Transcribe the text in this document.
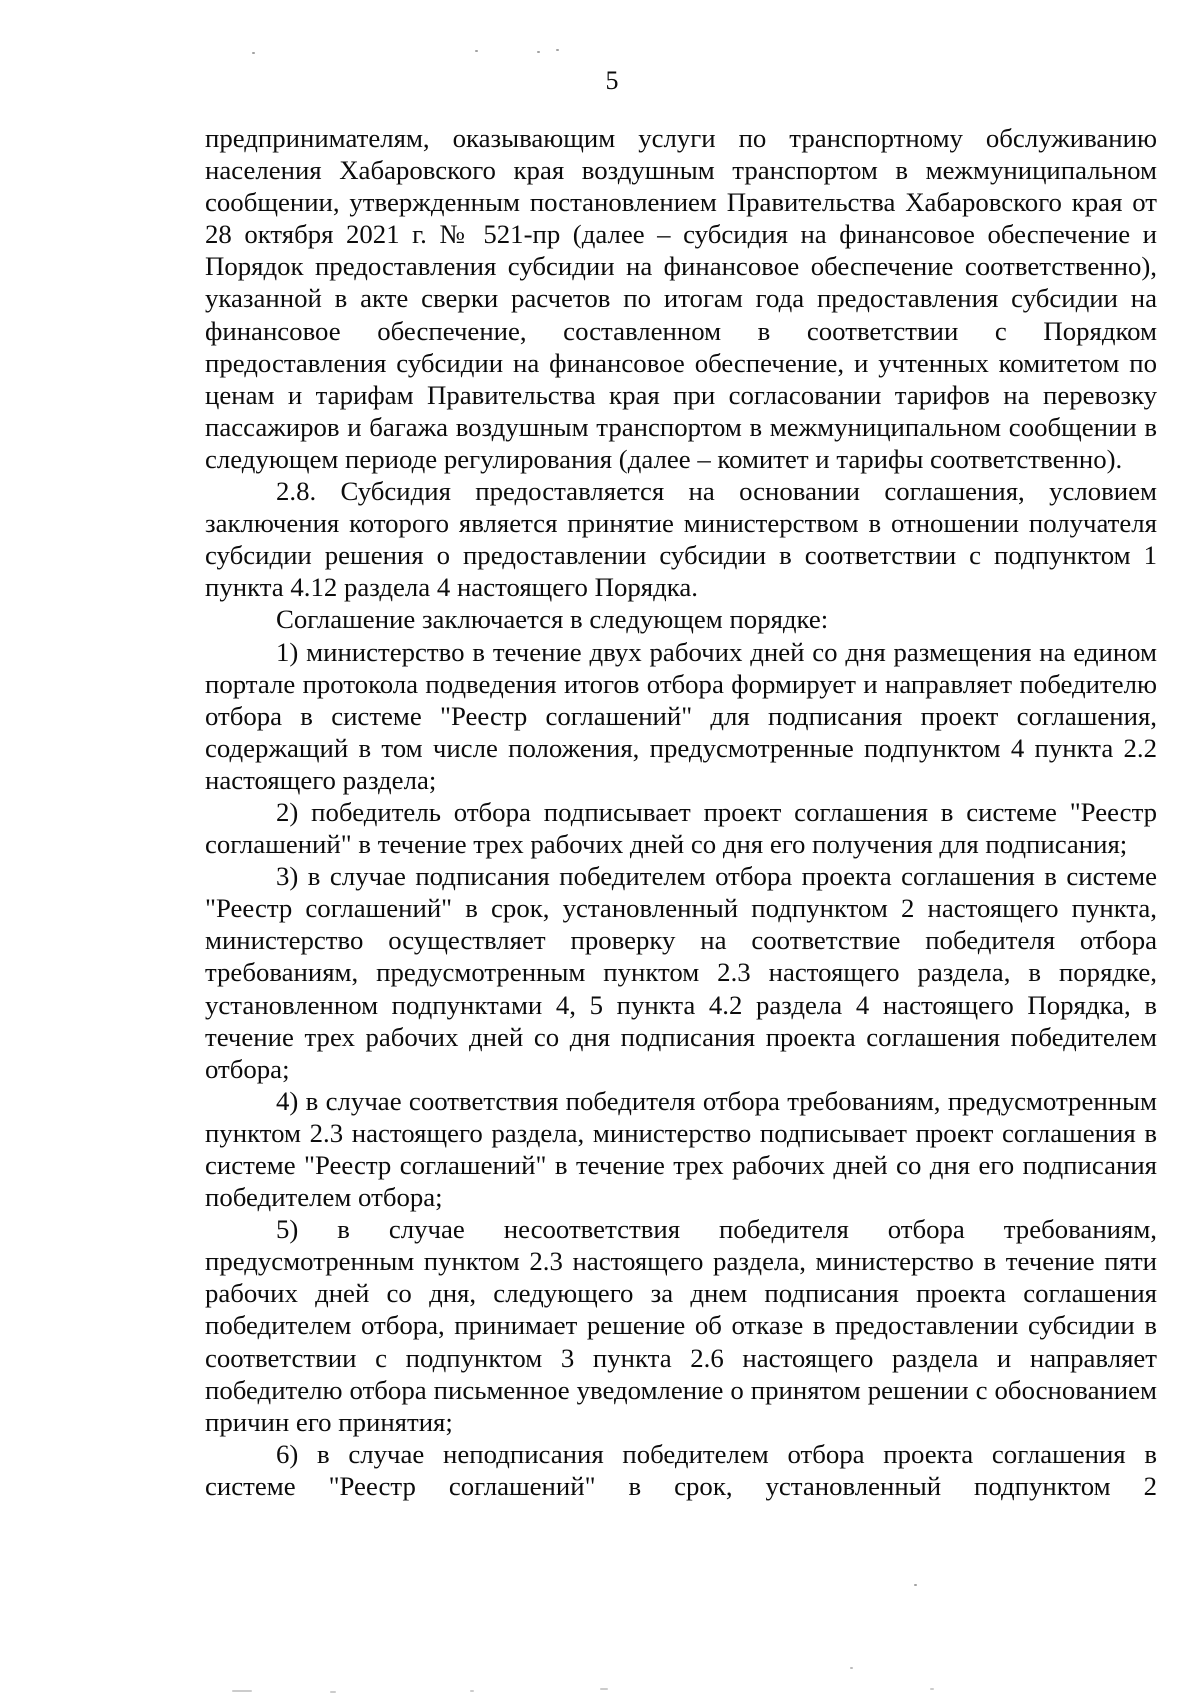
5

предпринимателям, оказывающим услуги по транспортному обслуживанию населения Хабаровского края воздушным транспортом в межмуниципальном сообщении, утвержденным постановлением Правительства Хабаровского края от 28 октября 2021 г. № 521-пр (далее – субсидия на финансовое обеспечение и Порядок предоставления субсидии на финансовое обеспечение соответственно), указанной в акте сверки расчетов по итогам года предоставления субсидии на финансовое обеспечение, составленном в соответствии с Порядком предоставления субсидии на финансовое обеспечение, и учтенных комитетом по ценам и тарифам Правительства края при согласовании тарифов на перевозку пассажиров и багажа воздушным транспортом в межмуниципальном сообщении в следующем периоде регулирования (далее – комитет и тарифы соответственно).

2.8. Субсидия предоставляется на основании соглашения, условием заключения которого является принятие министерством в отношении получателя субсидии решения о предоставлении субсидии в соответствии с подпунктом 1 пункта 4.12 раздела 4 настоящего Порядка.

Соглашение заключается в следующем порядке:

1) министерство в течение двух рабочих дней со дня размещения на едином портале протокола подведения итогов отбора формирует и направляет победителю отбора в системе "Реестр соглашений" для подписания проект соглашения, содержащий в том числе положения, предусмотренные подпунктом 4 пункта 2.2 настоящего раздела;

2) победитель отбора подписывает проект соглашения в системе "Реестр соглашений" в течение трех рабочих дней со дня его получения для подписания;

3) в случае подписания победителем отбора проекта соглашения в системе "Реестр соглашений" в срок, установленный подпунктом 2 настоящего пункта, министерство осуществляет проверку на соответствие победителя отбора требованиям, предусмотренным пунктом 2.3 настоящего раздела, в порядке, установленном подпунктами 4, 5 пункта 4.2 раздела 4 настоящего Порядка, в течение трех рабочих дней со дня подписания проекта соглашения победителем отбора;

4) в случае соответствия победителя отбора требованиям, предусмотренным пунктом 2.3 настоящего раздела, министерство подписывает проект соглашения в системе "Реестр соглашений" в течение трех рабочих дней со дня его подписания победителем отбора;

5) в случае несоответствия победителя отбора требованиям, предусмотренным пунктом 2.3 настоящего раздела, министерство в течение пяти рабочих дней со дня, следующего за днем подписания проекта соглашения победителем отбора, принимает решение об отказе в предоставлении субсидии в соответствии с подпунктом 3 пункта 2.6 настоящего раздела и направляет победителю отбора письменное уведомление о принятом решении с обоснованием причин его принятия;

6) в случае неподписания победителем отбора проекта соглашения в системе "Реестр соглашений" в срок, установленный подпунктом 2
